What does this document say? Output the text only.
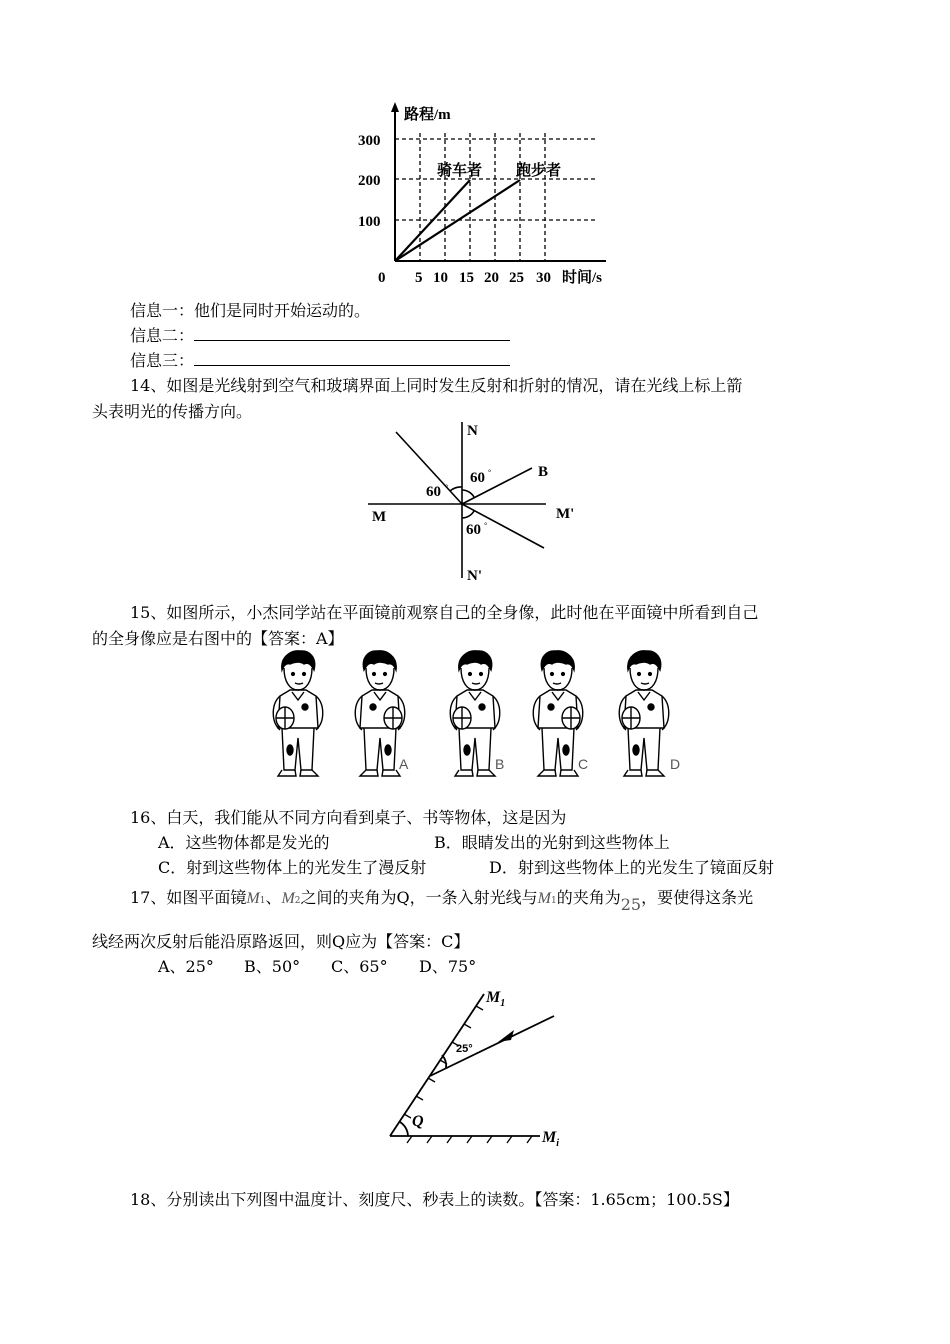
路程/m
300
200
100
0 5 10 15 20 25 30 时间/s
骑车者 跑步者
信息一：他们是同时开始运动的。
信息二：
信息三：
14、如图是光线射到空气和玻璃界面上同时发生反射和折射的情况，请在光线上标上箭
头表明光的传播方向。
N
N'
M	M'
B
60
60
60
°
°
°
15、如图所示，小杰同学站在平面镜前观察自己的全身像，此时他在平面镜中所看到自己
的全身像应是右图中的【答案：A】
A	B	C	D
16、白天，我们能从不同方向看到桌子、书等物体，这是因为
A．这些物体都是发光的	B．眼睛发出的光射到这些物体上
C．射到这些物体上的光发生了漫反射	D．射到这些物体上的光发生了镜面反射
17、如图平面镜M1、M2之间的夹角为Q，一条入射光线与M1的夹角为25，要使得这条光
线经两次反射后能沿原路返回，则Q应为【答案：C】
A、25° B、50° C、65° D、75°
$M_1$
$M_i$
Q
25°
18、分别读出下列图中温度计、刻度尺、秒表上的读数。【答案：1.65cm；100.5S】
